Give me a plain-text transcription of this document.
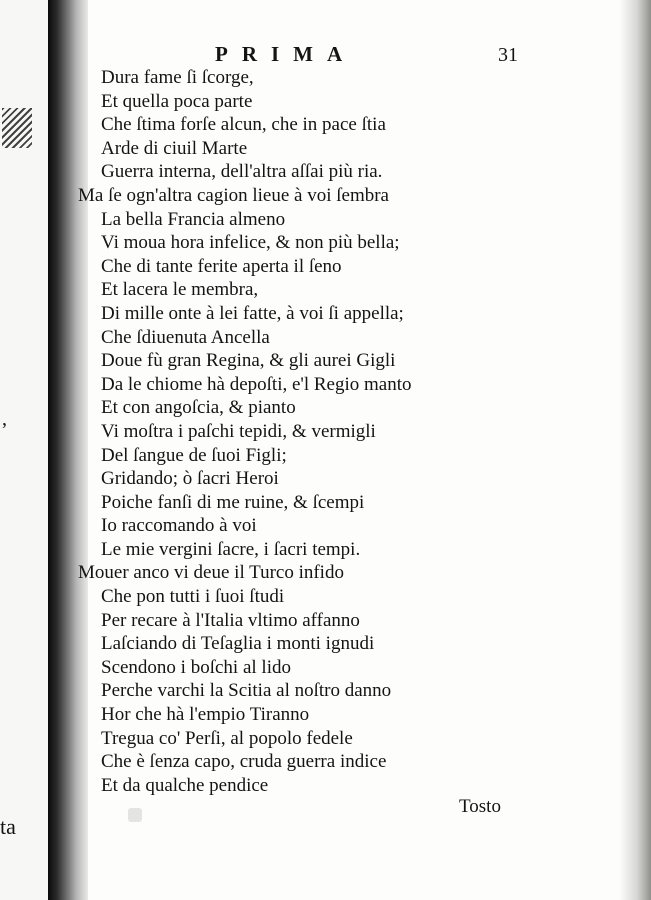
,
ta
PRIMA	31
Dura fame ſi ſcorge,
Et quella poca parte
Che ſtima forſe alcun, che in pace ſtia
Arde di ciuil Marte
Guerra interna, dell'altra aſſai più ria.
Ma ſe ogn'altra cagion lieue à voi ſembra
La bella Francia almeno
Vi moua hora infelice, & non più bella;
Che di tante ferite aperta il ſeno
Et lacera le membra,
Di mille onte à lei fatte, à voi ſi appella;
Che ſdiuenuta Ancella
Doue fù gran Regina, & gli aurei Gigli
Da le chiome hà depoſti, e'l Regio manto
Et con angoſcia, & pianto
Vi moſtra i paſchi tepidi, & vermigli
Del ſangue de ſuoi Figli;
Gridando; ò ſacri Heroi
Poiche fanſi di me ruine, & ſcempi
Io raccomando à voi
Le mie vergini ſacre, i ſacri tempi.
Mouer anco vi deue il Turco infido
Che pon tutti i ſuoi ſtudi
Per recare à l'Italia vltimo affanno
Laſciando di Teſaglia i monti ignudi
Scendono i boſchi al lido
Perche varchi la Scitia al noſtro danno
Hor che hà l'empio Tiranno
Tregua co' Perſi, al popolo fedele
Che è ſenza capo, cruda guerra indice
Et da qualche pendice
Tosto
